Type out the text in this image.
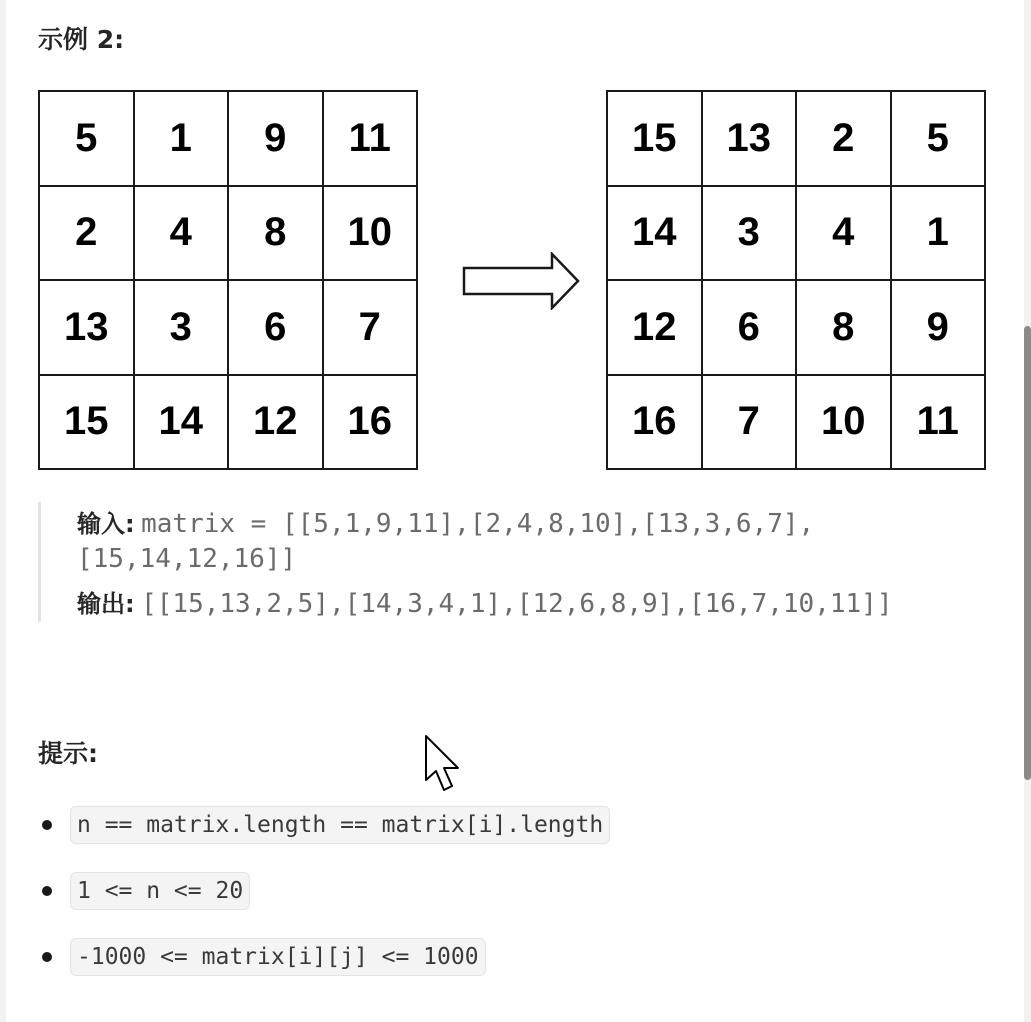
示例 2:
5	1	9	11
2	4	8	10
13	3	6	7
15	14	12	16
15	13	2	5
14	3	4	1
12	6	8	9
16	7	10	11
输入: matrix = [[5,1,9,11],[2,4,8,10],[13,3,6,7],
[15,14,12,16]]
输出: [[15,13,2,5],[14,3,4,1],[12,6,8,9],[16,7,10,11]]
提示:
n == matrix.length == matrix[i].length
1 <= n <= 20
-1000 <= matrix[i][j] <= 1000
